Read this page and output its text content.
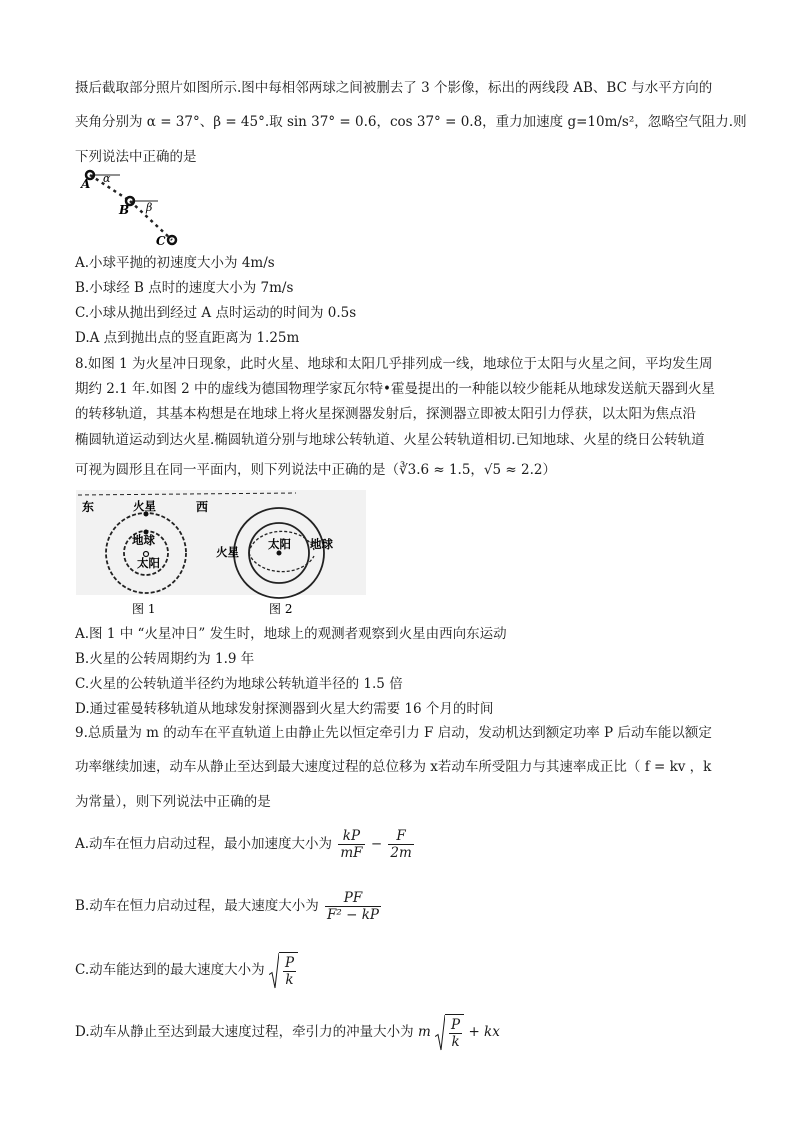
摄后截取部分照片如图所示.图中每相邻两球之间被删去了 3 个影像，标出的两线段 AB、BC 与水平方向的
夹角分别为 α = 37°、β = 45°.取 sin 37° = 0.6，cos 37° = 0.8，重力加速度 g=10m/s²，忽略空气阻力.则
下列说法中正确的是
A α
B β
C
A.小球平抛的初速度大小为 4m/s
B.小球经 B 点时的速度大小为 7m/s
C.小球从抛出到经过 A 点时运动的时间为 0.5s
D.A 点到抛出点的竖直距离为 1.25m
8.如图 1 为火星冲日现象，此时火星、地球和太阳几乎排列成一线，地球位于太阳与火星之间，平均发生周
期约 2.1 年.如图 2 中的虚线为德国物理学家瓦尔特•霍曼提出的一种能以较少能耗从地球发送航天器到火星
的转移轨道，其基本构想是在地球上将火星探测器发射后，探测器立即被太阳引力俘获，以太阳为焦点沿
椭圆轨道运动到达火星.椭圆轨道分别与地球公转轨道、火星公转轨道相切.已知地球、火星的绕日公转轨道
可视为圆形且在同一平面内，则下列说法中正确的是（∛3.6 ≈ 1.5，√5 ≈ 2.2）
东	西
火星
地球
太阳
火星
太阳 地球
图 1	图 2
A.图 1 中 “火星冲日” 发生时，地球上的观测者观察到火星由西向东运动
B.火星的公转周期约为 1.9 年
C.火星的公转轨道半径约为地球公转轨道半径的 1.5 倍
D.通过霍曼转移轨道从地球发射探测器到火星大约需要 16 个月的时间
9.总质量为 m 的动车在平直轨道上由静止先以恒定牵引力 F 启动，发动机达到额定功率 P 后动车能以额定
功率继续加速，动车从静止至达到最大速度过程的总位移为 x若动车所受阻力与其速率成正比（ f = kv ，k
为常量），则下列说法中正确的是
A.动车在恒力启动过程，最小加速度大小为 $\frac{kP}{mF} - \frac{F}{2m}$
B.动车在恒力启动过程，最大速度大小为 $\frac{PF}{\text{F² − kP}}$
C.动车能达到的最大速度大小为 $\frac{P}{k}$
D.动车从静止至达到最大速度过程，牵引力的冲量大小为 m $\frac{P}{k}$ + kx
